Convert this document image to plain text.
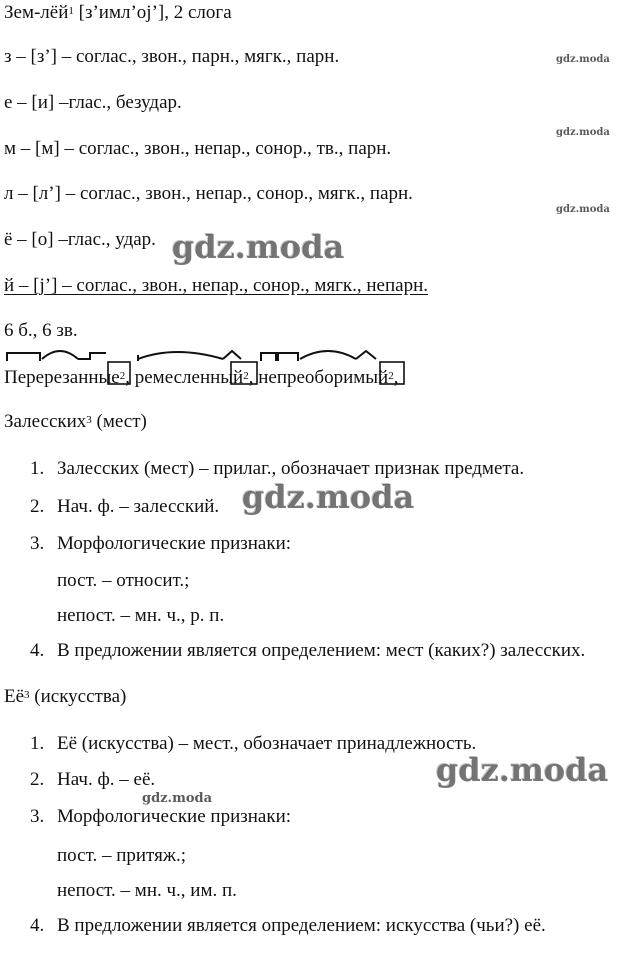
Зем-лёй$^1$ [з’имл’oj’], 2 слога
з – [з’] – соглас., звон., парн., мягк., парн.
е – [и] –глас., безудар.
м – [м] – соглас., звон., непар., сонор., тв., парн.
л – [л’] – соглас., звон., непар., сонор., мягк., парн.
ё – [о] –глас., удар.
й – [j’] – соглас., звон., непар., сонор., мягк., непарн.
6 б., 6 зв.
Перерезанные$^2$,
ремесленный$^2$,
непреоборимый$^2$,
Залесских$^3$ (мест)
1. Залесских (мест) – прилаг., обозначает признак предмета.
2. Нач. ф. – залесский.
3. Морфологические признаки:
пост. – относит.;
непост. – мн. ч., р. п.
4. В предложении является определением: мест (каких?) залесских.
$Её^3$ (искусства)
1. Её (искусства) – мест., обозначает принадлежность.
2. Нач. ф. – её.
3. Морфологические признаки:
пост. – притяж.;
непост. – мн. ч., им. п.
4. В предложении является определением: искусства (чьи?) её.
gdz.moda
gdz.moda
gdz.moda
gdz.moda
gdz.moda
gdz.moda
gdz.moda
